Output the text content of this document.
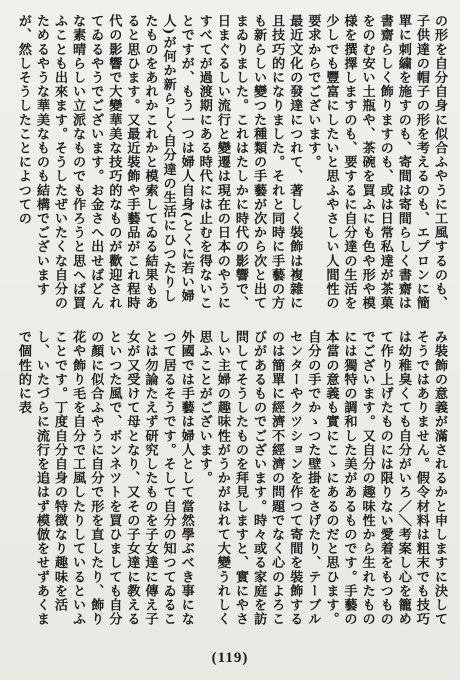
の形を自分自身に似合ふやうに工風するのも、子供達の帽子の形を考えるのも、エプロンに簡單に刺繍を施すのも、寄間は寄間らしく書齋は書齋らしく飾りますのも、或は日常私達が茶菓をのむ安い土瓶や、茶碗を買ふにも色や形や模様を撰擇しますのも、要するに自分達の生活を少しでも豐富にしたいと思ふやさしい人間性の要求からでございます。
最近文化の發達につれて、著しく裝飾は複雜に且技巧的になりました。それと同時に手藝の方も新らしい變つた種類の手藝が次から次と出てまゐりました。これはたしかに時代の影響で、日まぐるしい流行と變遷は現在の日本のやうにすべてが過渡期にある時代には止むを得ないことですが、もう一つは婦人自身(とくに若い婦人)が何か新らしく自分達の生活にひつたりしたものをあれかこれかと模索してゐる結果もあると思ひます。又最近裝飾や手藝品がこれ程時代の影響で大變華美な技巧的なものが歡迎されてゐるやうでございます。お金さへ出せばどんな素晴らしい立派なものでも作ろうと思へば買ふことも出來ます。そうしたぜいたくな自分のためるやうな華美なものも結構でございますが、然しそうしたことによつての
み裝飾の意義が滿されるかと申しますに決してそうではありません。假令材料は粗末でも技巧は幼稚臭くても自分がいろ／＼考案し心を籠めて作り上げたものには限りない愛着をもつものでございます。又自分の趣味性から生れたものには獨特の調和した美があるものです。手藝の本當の意義も實にこゝにあるのだと思ひます。
自分の手でかゝつた壁掛をさげたり、テーブルセンターやクツションを作つて寄間を裝飾するのは簡單に經濟不經濟の問題でなく心のよろこびがあるものでございます。時々或る家庭を訪問してそうしたものを拜見しますと、實にやさしい主婦の趣味性がうかがはれて大變うれしく思ふことがございます。
外國では手藝は婦人として當然學ぶべき事になつて居るそうです。そして自分の知つてゐることは勿論たえず研究したものを子女達に傳え子女が又受けて母となり、又その子女達に教えるといつた風で、ボンネツトを買ひましても自分の顏に似合ふやうに自分で形を直したり、飾り花や飾り毛を自分で工風したりしているといふことです。丁度自分自身の特徴なり趣味を活し、いたづらに流行を追はず模倣をせずあくまで個性的に表
(119)
